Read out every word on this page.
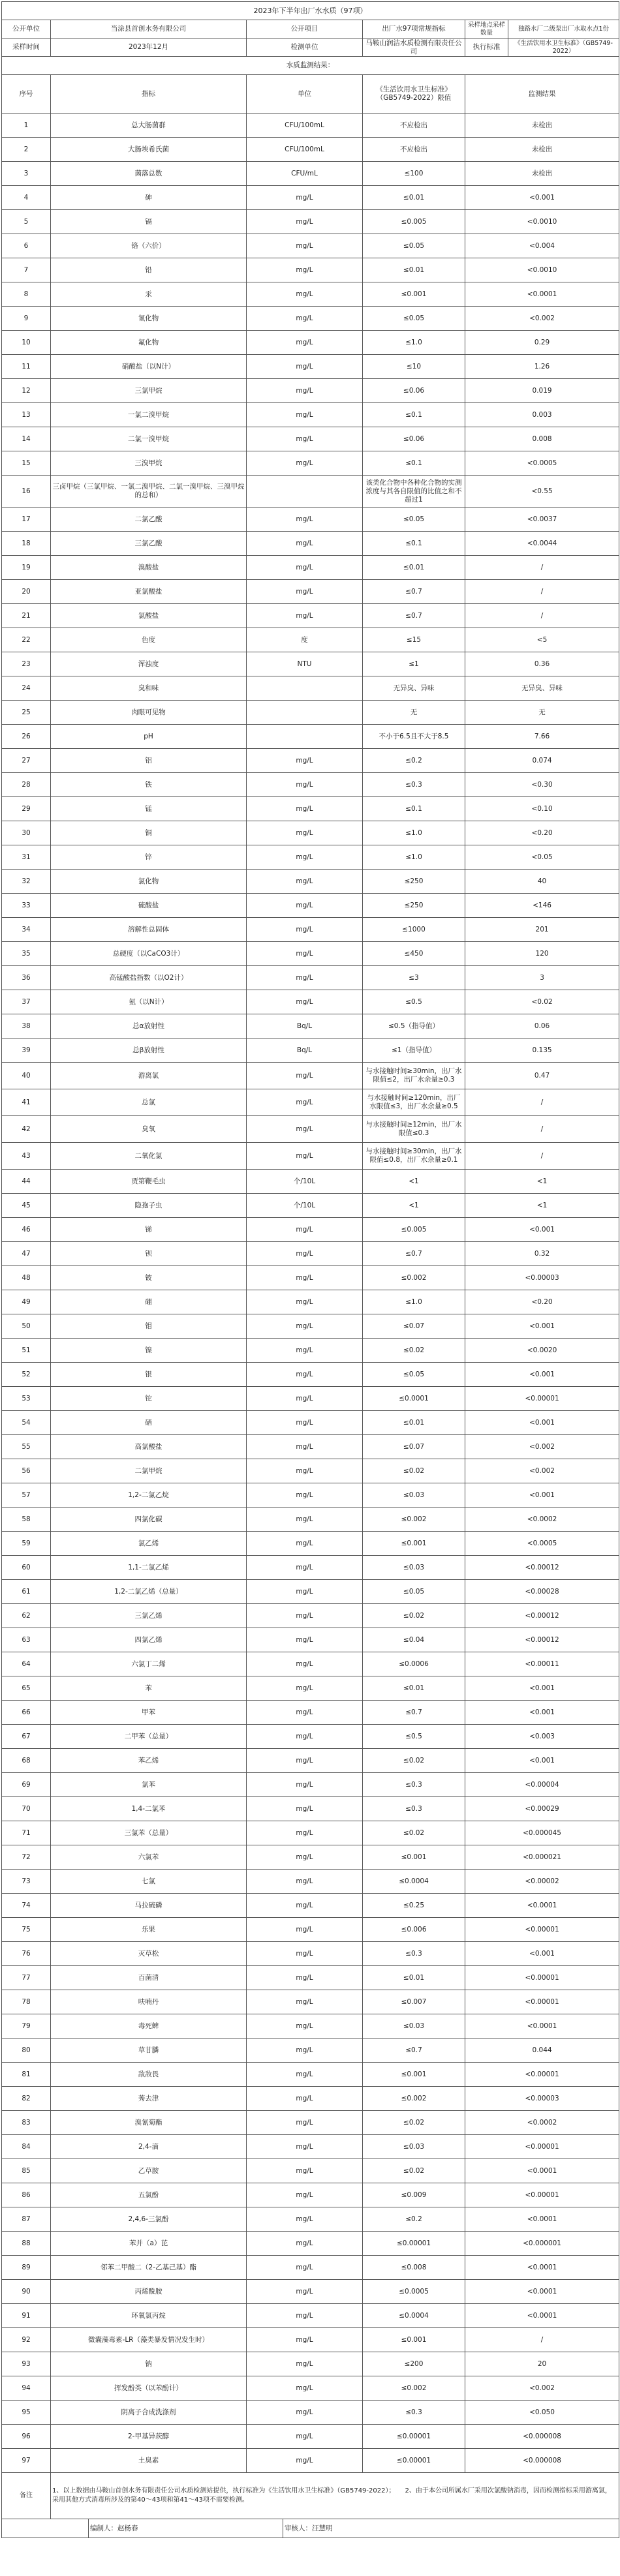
2023年下半年出厂水水质（97项）							
公开单位	当涂县首创水务有限公司		公开项目		出厂水97项常规指标	采样地点采样数量	独路水厂二级泵出厂水取水点1份
采样时间	2023年12月		检测单位		马鞍山润洁水质检测有限责任公司	执行标准	《生活饮用水卫生标准》（GB5749-2022）
水质监测结果：							
序号	指标		单位		《生活饮用水卫生标准》（GB5749-2022）限值	监测结果	
1	总大肠菌群		CFU/100mL		不应检出	未检出	
2	大肠埃希氏菌		CFU/100mL		不应检出	未检出	
3	菌落总数		CFU/mL		≤100	未检出	
4	砷		mg/L		≤0.01	<0.001	
5	镉		mg/L		≤0.005	<0.0010	
6	铬（六价）		mg/L		≤0.05	<0.004	
7	铅		mg/L		≤0.01	<0.0010	
8	汞		mg/L		≤0.001	<0.0001	
9	氰化物		mg/L		≤0.05	<0.002	
10	氟化物		mg/L		≤1.0	0.29	
11	硝酸盐（以N计）		mg/L		≤10	1.26	
12	三氯甲烷		mg/L		≤0.06	0.019	
13	一氯二溴甲烷		mg/L		≤0.1	0.003	
14	二氯一溴甲烷		mg/L		≤0.06	0.008	
15	三溴甲烷		mg/L		≤0.1	<0.0005	
16	三卤甲烷（三氯甲烷、一氯二溴甲烷、二氯一溴甲烷、三溴甲烷的总和）				该类化合物中各种化合物的实测浓度与其各自限值的比值之和不超过1	<0.55	
17	二氯乙酸		mg/L		≤0.05	<0.0037	
18	三氯乙酸		mg/L		≤0.1	<0.0044	
19	溴酸盐		mg/L		≤0.01	/	
20	亚氯酸盐		mg/L		≤0.7	/	
21	氯酸盐		mg/L		≤0.7	/	
22	色度		度		≤15	<5	
23	浑浊度		NTU		≤1	0.36	
24	臭和味				无异臭、异味	无异臭、异味	
25	肉眼可见物				无	无	
26	pH				不小于6.5且不大于8.5	7.66	
27	铝		mg/L		≤0.2	0.074	
28	铁		mg/L		≤0.3	<0.30	
29	锰		mg/L		≤0.1	<0.10	
30	铜		mg/L		≤1.0	<0.20	
31	锌		mg/L		≤1.0	<0.05	
32	氯化物		mg/L		≤250	40	
33	硫酸盐		mg/L		≤250	<146	
34	溶解性总固体		mg/L		≤1000	201	
35	总硬度（以CaCO3计）		mg/L		≤450	120	
36	高锰酸盐指数（以O2计）		mg/L		≤3	3	
37	氨（以N计）		mg/L		≤0.5	<0.02	
38	总α放射性		Bq/L		≤0.5（指导值）	0.06	
39	总β放射性		Bq/L		≤1（指导值）	0.135	
40	游离氯		mg/L		与水接触时间≥30min，出厂水限值≤2，出厂水余量≥0.3	0.47	
41	总氯		mg/L		与水接触时间≥120min，出厂水限值≤3，出厂水余量≥0.5	/	
42	臭氧		mg/L		与水接触时间≥12min，出厂水限值≤0.3	/	
43	二氧化氯		mg/L		与水接触时间≥30min，出厂水限值≤0.8，出厂水余量≥0.1	/	
44	贾第鞭毛虫		个/10L		<1	<1	
45	隐孢子虫		个/10L		<1	<1	
46	锑		mg/L		≤0.005	<0.001	
47	钡		mg/L		≤0.7	0.32	
48	铍		mg/L		≤0.002	<0.00003	
49	硼		mg/L		≤1.0	<0.20	
50	钼		mg/L		≤0.07	<0.001	
51	镍		mg/L		≤0.02	<0.0020	
52	银		mg/L		≤0.05	<0.001	
53	铊		mg/L		≤0.0001	<0.00001	
54	硒		mg/L		≤0.01	<0.001	
55	高氯酸盐		mg/L		≤0.07	<0.002	
56	二氯甲烷		mg/L		≤0.02	<0.002	
57	1,2-二氯乙烷		mg/L		≤0.03	<0.001	
58	四氯化碳		mg/L		≤0.002	<0.0002	
59	氯乙烯		mg/L		≤0.001	<0.0005	
60	1,1-二氯乙烯		mg/L		≤0.03	<0.00012	
61	1,2-二氯乙烯（总量）		mg/L		≤0.05	<0.00028	
62	三氯乙烯		mg/L		≤0.02	<0.00012	
63	四氯乙烯		mg/L		≤0.04	<0.00012	
64	六氯丁二烯		mg/L		≤0.0006	<0.00011	
65	苯		mg/L		≤0.01	<0.001	
66	甲苯		mg/L		≤0.7	<0.001	
67	二甲苯（总量）		mg/L		≤0.5	<0.003	
68	苯乙烯		mg/L		≤0.02	<0.001	
69	氯苯		mg/L		≤0.3	<0.00004	
70	1,4-二氯苯		mg/L		≤0.3	<0.00029	
71	三氯苯（总量）		mg/L		≤0.02	<0.000045	
72	六氯苯		mg/L		≤0.001	<0.000021	
73	七氯		mg/L		≤0.0004	<0.00002	
74	马拉硫磷		mg/L		≤0.25	<0.0001	
75	乐果		mg/L		≤0.006	<0.00001	
76	灭草松		mg/L		≤0.3	<0.001	
77	百菌清		mg/L		≤0.01	<0.00001	
78	呋喃丹		mg/L		≤0.007	<0.00001	
79	毒死蜱		mg/L		≤0.03	<0.0001	
80	草甘膦		mg/L		≤0.7	0.044	
81	敌敌畏		mg/L		≤0.001	<0.00001	
82	莠去津		mg/L		≤0.002	<0.00003	
83	溴氰菊酯		mg/L		≤0.02	<0.0002	
84	2,4-滴		mg/L		≤0.03	<0.00001	
85	乙草胺		mg/L		≤0.02	<0.0001	
86	五氯酚		mg/L		≤0.009	<0.00001	
87	2,4,6-三氯酚		mg/L		≤0.2	<0.0001	
88	苯并（a）芘		mg/L		≤0.00001	<0.000001	
89	邻苯二甲酸二（2-乙基己基）酯		mg/L		≤0.008	<0.0001	
90	丙烯酰胺		mg/L		≤0.0005	<0.0001	
91	环氧氯丙烷		mg/L		≤0.0004	<0.0001	
92	微囊藻毒素-LR（藻类暴发情况发生时）		mg/L		≤0.001	/	
93	钠		mg/L		≤200	20	
94	挥发酚类（以苯酚计）		mg/L		≤0.002	<0.002	
95	阴离子合成洗涤剂		mg/L		≤0.3	<0.050	
96	2-甲基异莰醇		mg/L		≤0.00001	<0.000008	
97	土臭素		mg/L		≤0.00001	<0.000008	
备注	1、以上数据由马鞍山首创水务有限责任公司水质检测站提供，执行标准为《生活饮用水卫生标准》（GB5749-2022）；　　2、由于本公司所属水厂采用次氯酸钠消毒，因而检测指标采用游离氯，采用其他方式消毒所涉及的第40～43项和第41～43项不需要检测。						
		编制人：赵杨春		审核人：汪慧明			
